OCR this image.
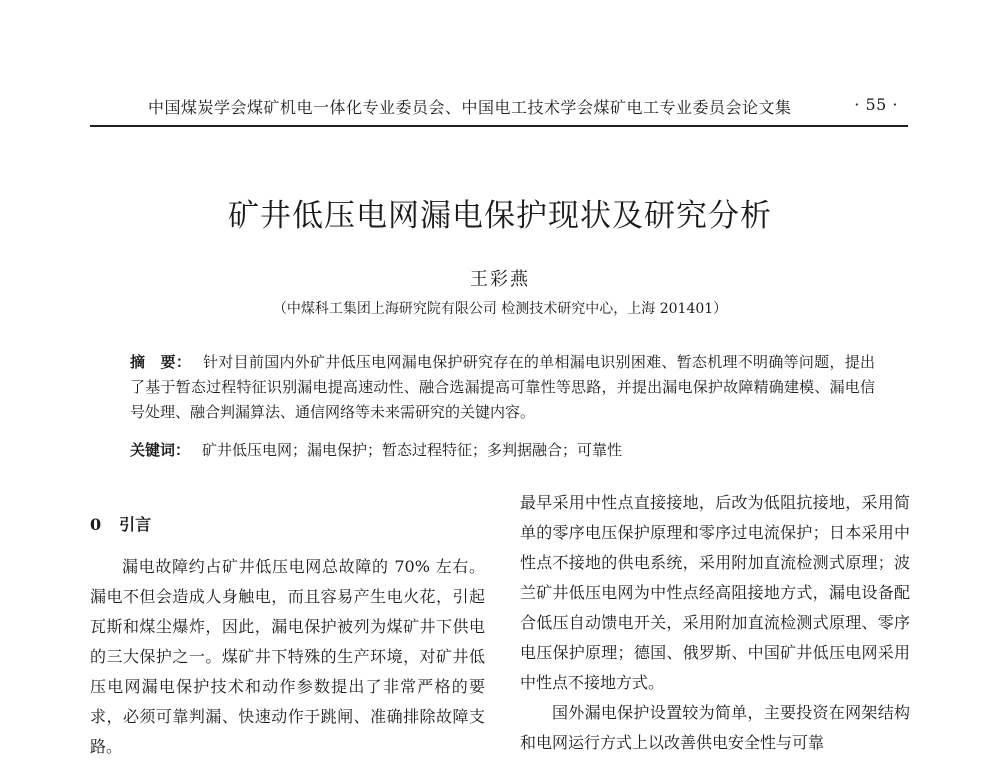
中国煤炭学会煤矿机电一体化专业委员会、中国电工技术学会煤矿电工专业委员会论文集	· 55 ·
矿井低压电网漏电保护现状及研究分析
王彩燕
（中煤科工集团上海研究院有限公司 检测技术研究中心，上海 201401）
摘　要： 针对目前国内外矿井低压电网漏电保护研究存在的单相漏电识别困难、暂态机理不明确等问题，提出了基于暂态过程特征识别漏电提高速动性、融合选漏提高可靠性等思路，并提出漏电保护故障精确建模、漏电信号处理、融合判漏算法、通信网络等未来需研究的关键内容。
关键词： 矿井低压电网；漏电保护；暂态过程特征；多判据融合；可靠性
0 引言

漏电故障约占矿井低压电网总故障的 70% 左右。漏电不但会造成人身触电，而且容易产生电火花，引起瓦斯和煤尘爆炸，因此，漏电保护被列为煤矿井下供电的三大保护之一。煤矿井下特殊的生产环境，对矿井低压电网漏电保护技术和动作参数提出了非常严格的要求，必须可靠判漏、快速动作于跳闸、准确排除故障支路。

最早采用中性点直接接地，后改为低阻抗接地，采用简单的零序电压保护原理和零序过电流保护；日本采用中性点不接地的供电系统，采用附加直流检测式原理；波兰矿井低压电网为中性点经高阻接地方式，漏电设备配合低压自动馈电开关，采用附加直流检测式原理、零序电压保护原理；德国、俄罗斯、中国矿井低压电网采用中性点不接地方式。

国外漏电保护设置较为简单，主要投资在网架结构和电网运行方式上以改善供电安全性与可靠
